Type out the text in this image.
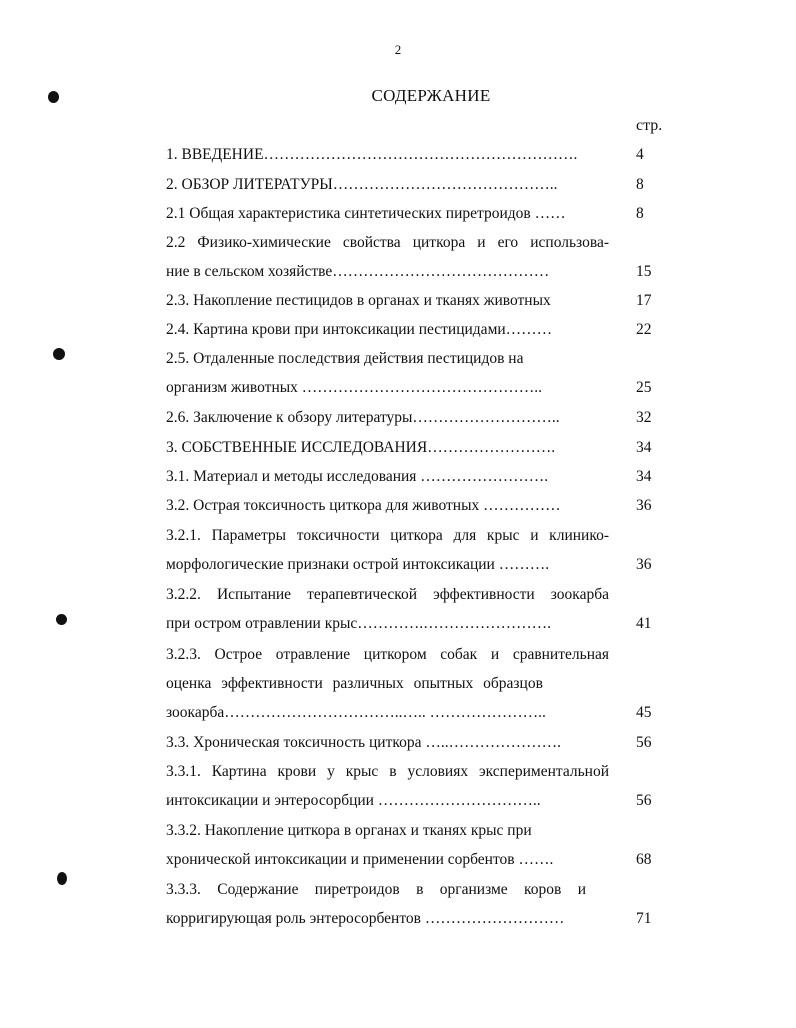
2
СОДЕРЖАНИЕ
стр.
1. ВВЕДЕНИЕ…………………………………………………….	4
2. ОБЗОР ЛИТЕРАТУРЫ……………………………………..	8
2.1 Общая характеристика синтетических пиретроидов ……	8
2.2 Физико-химические свойства циткора и его использова-
ние в сельском хозяйстве……………………………………	15
2.3. Накопление пестицидов в органах и тканях животных	17
2.4. Картина крови при интоксикации пестицидами………	22
2.5. Отдаленные последствия действия пестицидов на
организм животных ………………………………………..	25
2.6. Заключение к обзору литературы………………………..	32
3. СОБСТВЕННЫЕ ИССЛЕДОВАНИЯ…………………….	34
3.1. Материал и методы исследования …………………….	34
3.2. Острая токсичность циткора для животных ……………	36
3.2.1. Параметры токсичности циткора для крыс и клинико-
морфологические признаки острой интоксикации ……….	36
3.2.2. Испытание терапевтической эффективности зоокарба
при остром отравлении крыс………….…………………….	41
3.2.3. Острое отравление циткором собак и сравнительная
оценка эффективности различных опытных образцов
зоокарба……………………………..….. …………………..	45
3.3. Хроническая токсичность циткора …..………………….	56
3.3.1. Картина крови у крыс в условиях экспериментальной
интоксикации и энтеросорбции …………………………..	56
3.3.2. Накопление циткора в органах и тканях крыс при
хронической интоксикации и применении сорбентов …….	68
3.3.3. Содержание пиретроидов в организме коров и
корригирующая роль энтеросорбентов ………………………	71
